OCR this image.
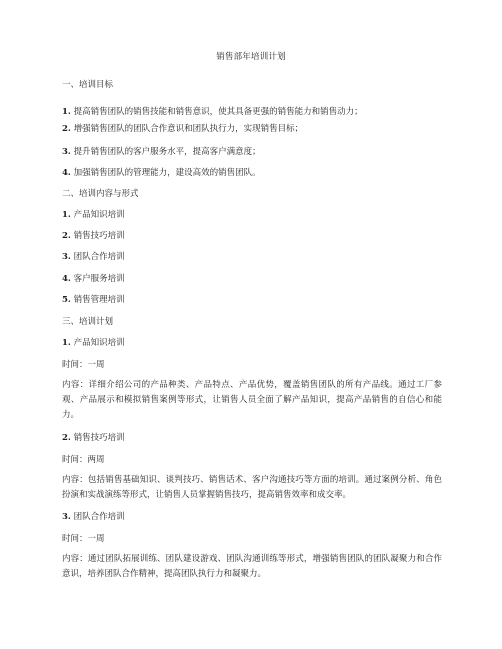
销售部年培训计划
一、培训目标
1. 提高销售团队的销售技能和销售意识，使其具备更强的销售能力和销售动力；
2. 增强销售团队的团队合作意识和团队执行力，实现销售目标；
3. 提升销售团队的客户服务水平，提高客户满意度；
4. 加强销售团队的管理能力，建设高效的销售团队。
二、培训内容与形式
1. 产品知识培训
2. 销售技巧培训
3. 团队合作培训
4. 客户服务培训
5. 销售管理培训
三、培训计划
1. 产品知识培训
时间：一周
内容：详细介绍公司的产品种类、产品特点、产品优势，覆盖销售团队的所有产品线。通过工厂参观、产品展示和模拟销售案例等形式，让销售人员全面了解产品知识，提高产品销售的自信心和能力。
2. 销售技巧培训
时间：两周
内容：包括销售基础知识、谈判技巧、销售话术、客户沟通技巧等方面的培训。通过案例分析、角色扮演和实战演练等形式，让销售人员掌握销售技巧，提高销售效率和成交率。
3. 团队合作培训
时间：一周
内容：通过团队拓展训练、团队建设游戏、团队沟通训练等形式，增强销售团队的团队凝聚力和合作意识，培养团队合作精神，提高团队执行力和凝聚力。
